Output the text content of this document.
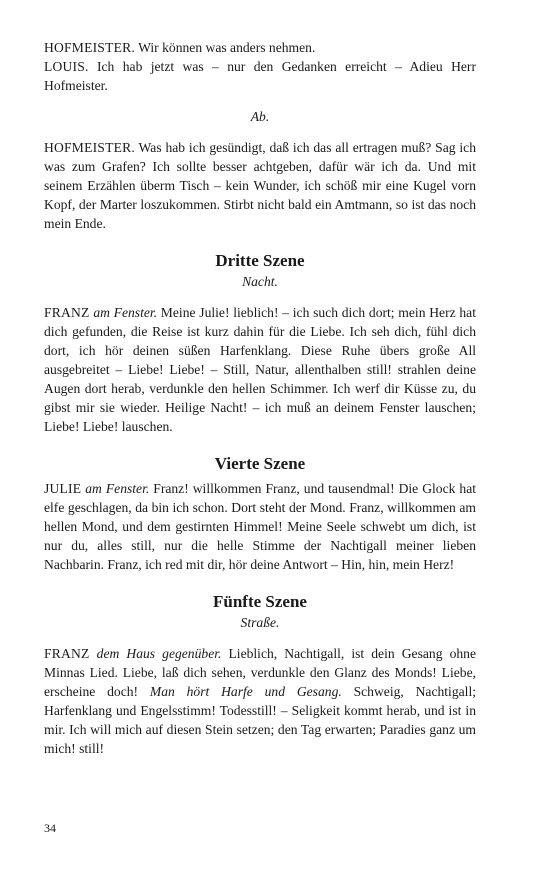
HOFMEISTER. Wir können was anders nehmen.

LOUIS. Ich hab jetzt was – nur den Gedanken erreicht – Adieu Herr Hofmeister.

Ab.

HOFMEISTER. Was hab ich gesündigt, daß ich das all ertragen muß? Sag ich was zum Grafen? Ich sollte besser achtgeben, dafür wär ich da. Und mit seinem Erzählen überm Tisch – kein Wunder, ich schöß mir eine Kugel vorn Kopf, der Marter loszukommen. Stirbt nicht bald ein Amtmann, so ist das noch mein Ende.

Dritte Szene

Nacht.

FRANZ am Fenster. Meine Julie! lieblich! – ich such dich dort; mein Herz hat dich gefunden, die Reise ist kurz dahin für die Liebe. Ich seh dich, fühl dich dort, ich hör deinen süßen Harfenklang. Diese Ruhe übers große All ausgebreitet – Liebe! Liebe! – Still, Natur, allenthalben still! strahlen deine Augen dort herab, verdunkle den hellen Schimmer. Ich werf dir Küsse zu, du gibst mir sie wieder. Heilige Nacht! – ich muß an deinem Fenster lauschen; Liebe! Liebe! lauschen.

Vierte Szene

JULIE am Fenster. Franz! willkommen Franz, und tausendmal! Die Glock hat elfe geschlagen, da bin ich schon. Dort steht der Mond. Franz, willkommen am hellen Mond, und dem gestirnten Himmel! Meine Seele schwebt um dich, ist nur du, alles still, nur die helle Stimme der Nachtigall meiner lieben Nachbarin. Franz, ich red mit dir, hör deine Antwort – Hin, hin, mein Herz!

Fünfte Szene

Straße.

FRANZ dem Haus gegenüber. Lieblich, Nachtigall, ist dein Gesang ohne Minnas Lied. Liebe, laß dich sehen, verdunkle den Glanz des Monds! Liebe, erscheine doch! Man hört Harfe und Gesang. Schweig, Nachtigall; Harfenklang und Engelsstimm! Todesstill! – Seligkeit kommt herab, und ist in mir. Ich will mich auf diesen Stein setzen; den Tag erwarten; Paradies ganz um mich! still!

34
